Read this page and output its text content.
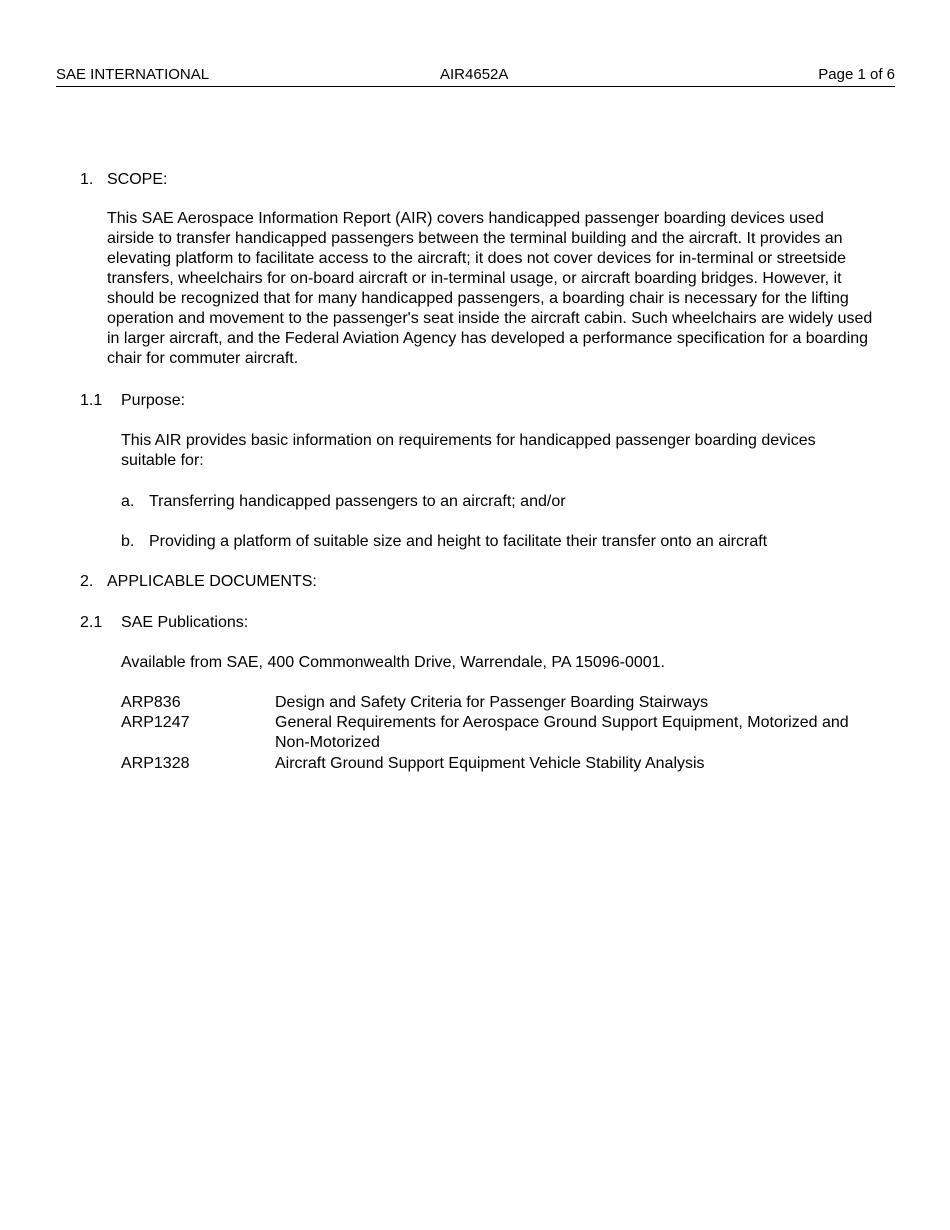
SAE INTERNATIONAL	AIR4652A	Page 1 of 6
1. SCOPE:
This SAE Aerospace Information Report (AIR) covers handicapped passenger boarding devices used airside to transfer handicapped passengers between the terminal building and the aircraft. It provides an elevating platform to facilitate access to the aircraft; it does not cover devices for in-terminal or streetside transfers, wheelchairs for on-board aircraft or in-terminal usage, or aircraft boarding bridges. However, it should be recognized that for many handicapped passengers, a boarding chair is necessary for the lifting operation and movement to the passenger's seat inside the aircraft cabin. Such wheelchairs are widely used in larger aircraft, and the Federal Aviation Agency has developed a performance specification for a boarding chair for commuter aircraft.
1.1 Purpose:
This AIR provides basic information on requirements for handicapped passenger boarding devices suitable for:
a. Transferring handicapped passengers to an aircraft; and/or
b. Providing a platform of suitable size and height to facilitate their transfer onto an aircraft
2. APPLICABLE DOCUMENTS:
2.1 SAE Publications:
Available from SAE, 400 Commonwealth Drive, Warrendale, PA 15096-0001.
ARP836	Design and Safety Criteria for Passenger Boarding Stairways
ARP1247	General Requirements for Aerospace Ground Support Equipment, Motorized and Non-Motorized
ARP1328	Aircraft Ground Support Equipment Vehicle Stability Analysis
